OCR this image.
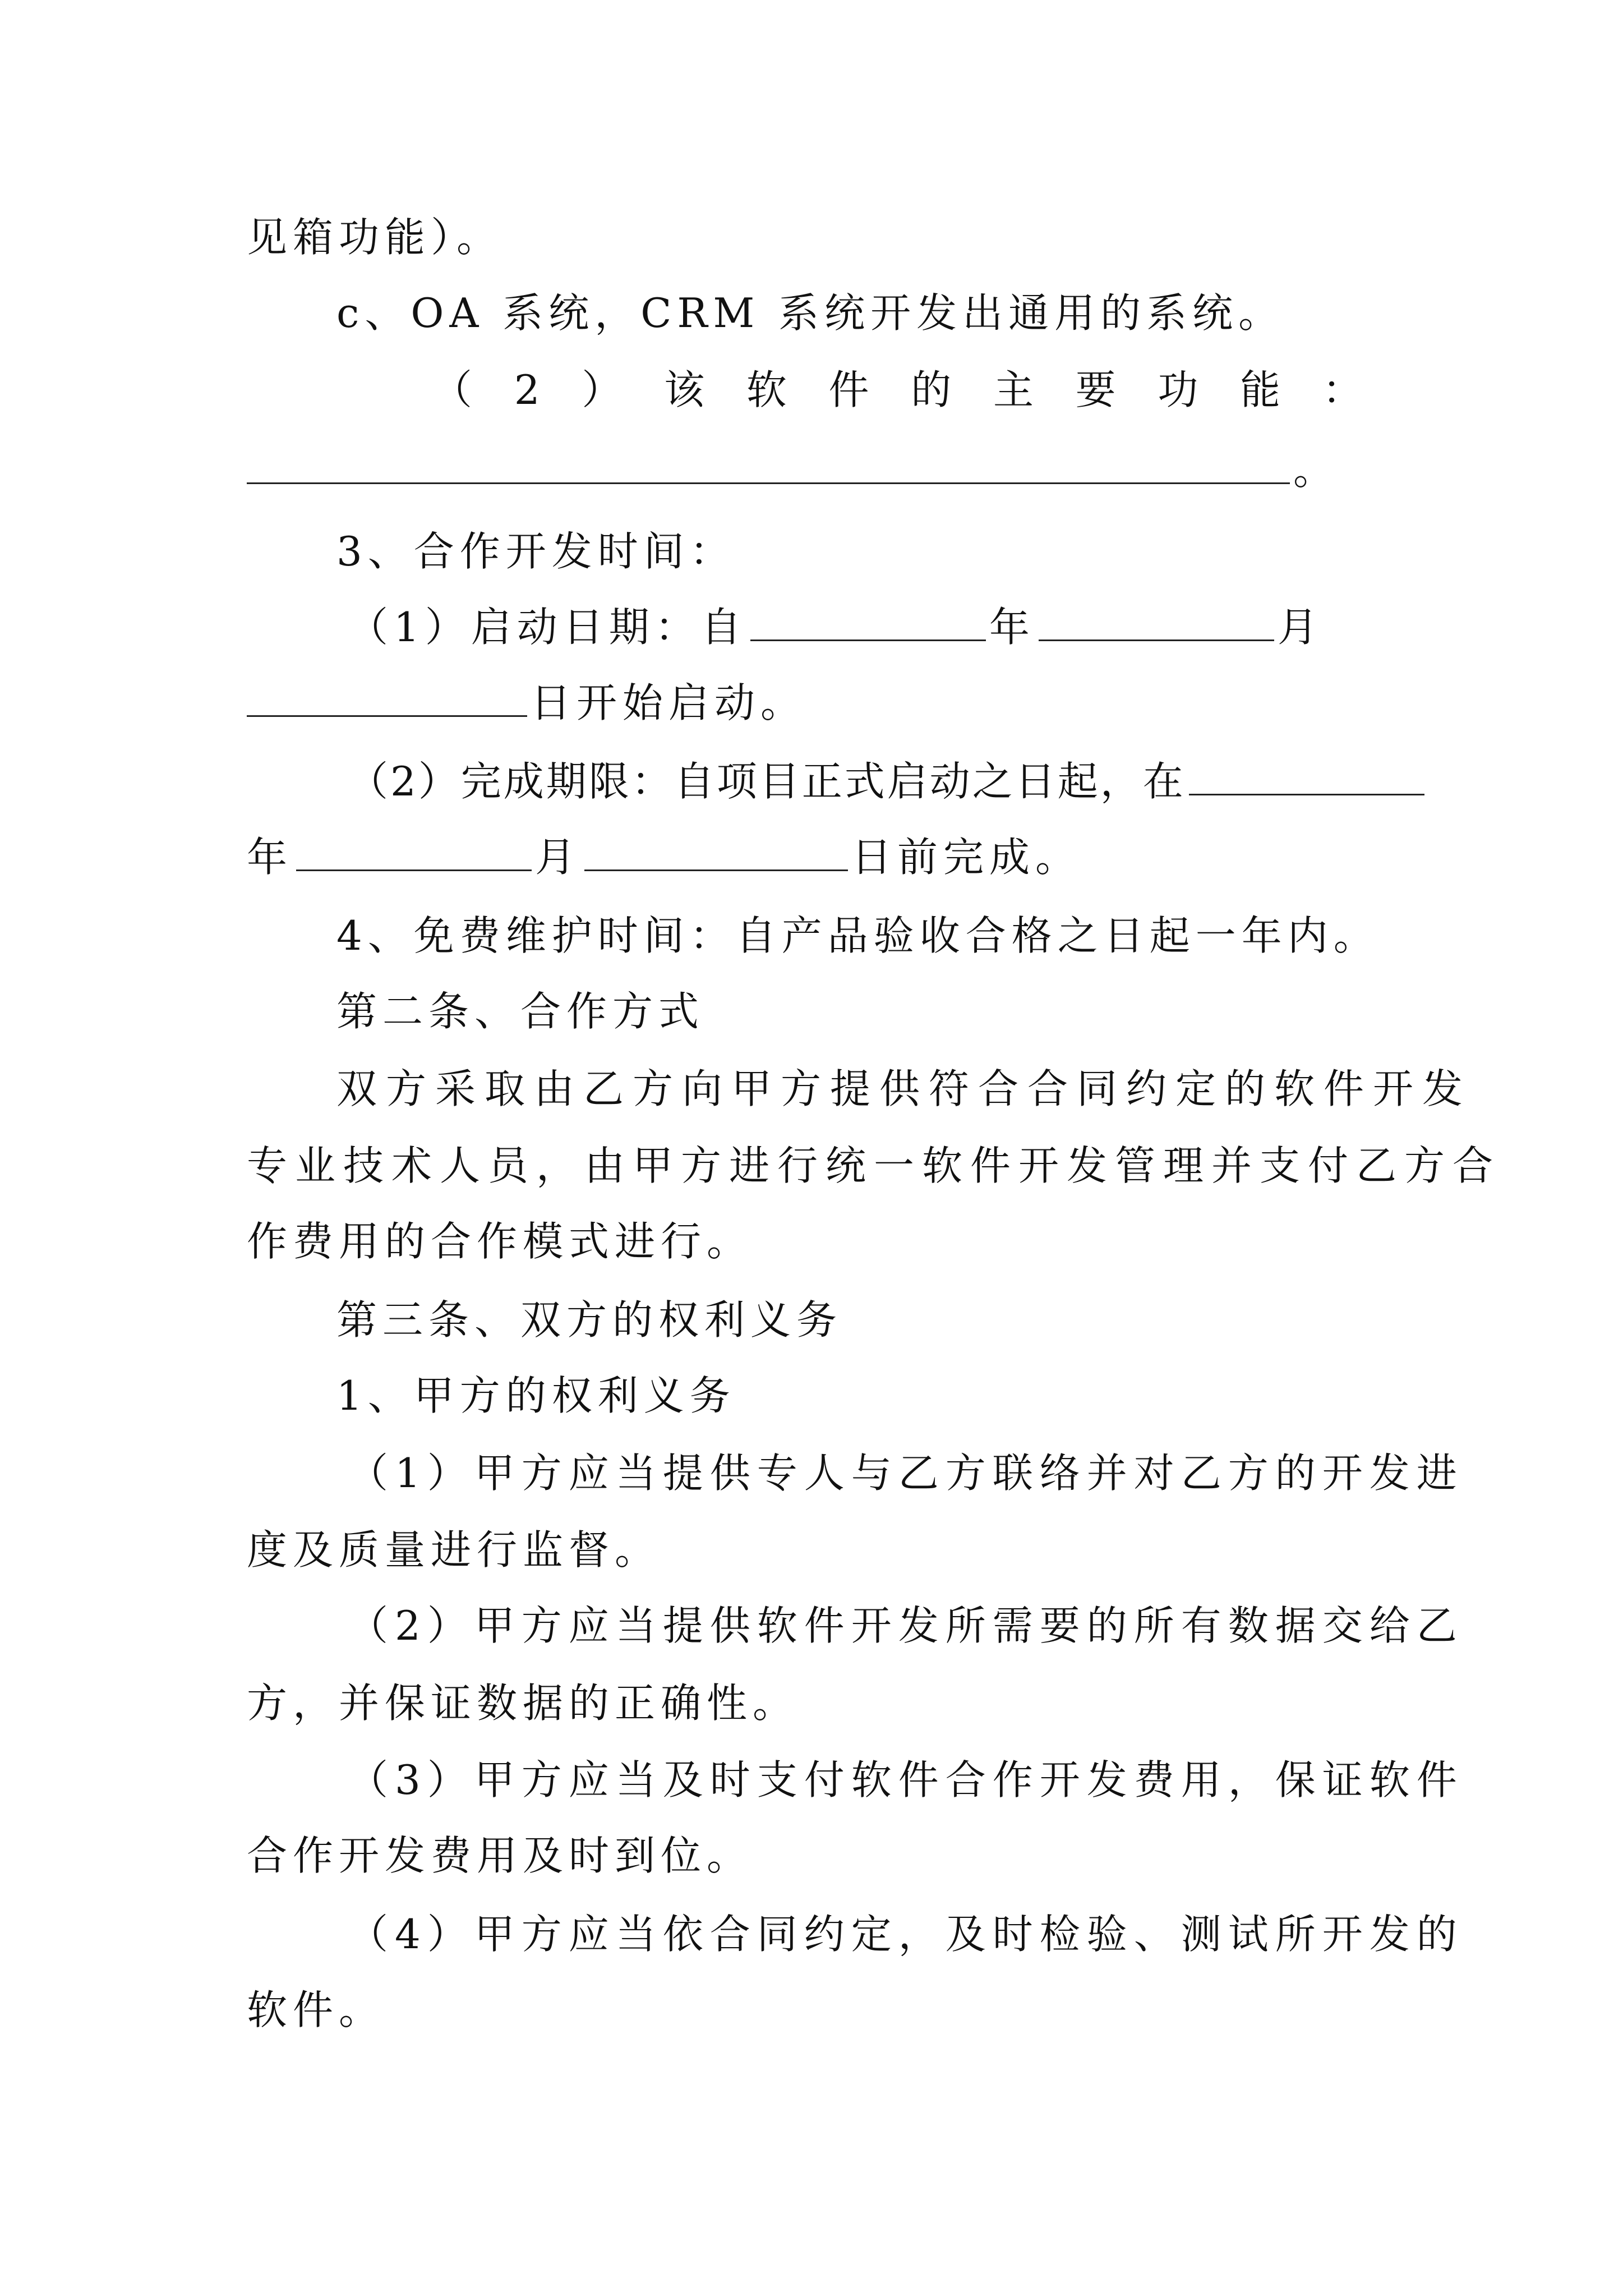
见箱功能）。
c、OA 系统，CRM 系统开发出通用的系统。
（ 2 ） 该 软 件 的 主 要 功 能 ：
。
3、合作开发时间：
（1）启动日期：自	年	月
日开始启动。
（2）完成期限：自项目正式启动之日起，在
年	月	日前完成。
4、免费维护时间：自产品验收合格之日起一年内。
第二条、合作方式
双方采取由乙方向甲方提供符合合同约定的软件开发
专业技术人员，由甲方进行统一软件开发管理并支付乙方合
作费用的合作模式进行。
第三条、双方的权利义务
1、甲方的权利义务
（1）甲方应当提供专人与乙方联络并对乙方的开发进
度及质量进行监督。
（2）甲方应当提供软件开发所需要的所有数据交给乙
方，并保证数据的正确性。
（3）甲方应当及时支付软件合作开发费用，保证软件
合作开发费用及时到位。
（4）甲方应当依合同约定，及时检验、测试所开发的
软件。
